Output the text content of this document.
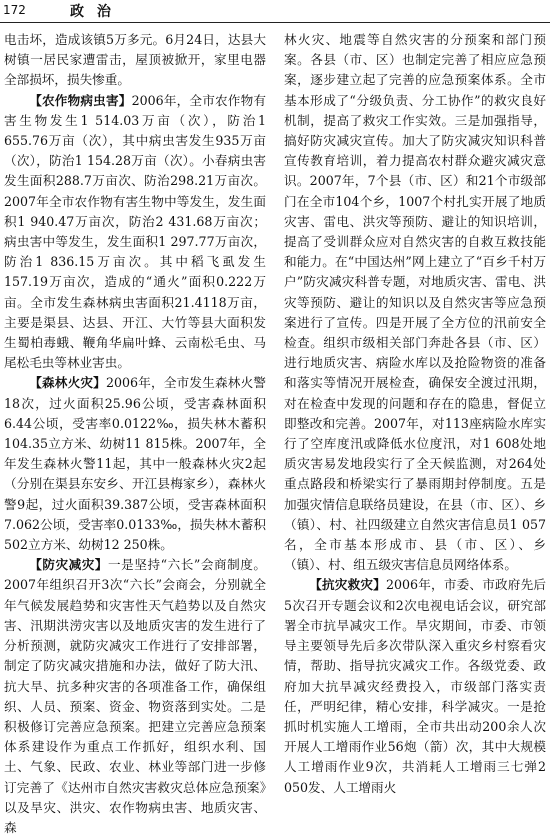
172	政 治

电击坏，造成该镇5万多元。6月24日，达县大树镇一居民家遭雷击，屋顶被掀开，家里电器全部损坏，损失惨重。

【农作物病虫害】2006年，全市农作物有害生物发生1 514.03万亩（次），防治1 655.76万亩（次），其中病虫害发生935万亩（次），防治1 154.28万亩（次）。小春病虫害发生面积288.7万亩次、防治298.21万亩次。2007年全市农作物有害生物中等发生，发生面积1 940.47万亩次，防治2 431.68万亩次；病虫害中等发生，发生面积1 297.77万亩次，防治1 836.15万亩次。其中稻飞虱发生157.19万亩次，造成的“通火”面积0.222万亩。全市发生森林病虫害面积21.4118万亩，主要是渠县、达县、开江、大竹等县大面积发生蜀柏毒蛾、鞭角华扁叶蜂、云南松毛虫、马尾松毛虫等林业害虫。

【森林火灾】2006年，全市发生森林火警18次，过火面积25.96公顷，受害森林面积6.44公顷，受害率0.0122‰，损失林木蓄积104.35立方米、幼树11 815株。2007年，全年发生森林火警11起，其中一般森林火灾2起（分别在渠县东安乡、开江县梅家乡），森林火警9起，过火面积39.387公顷，受害森林面积7.062公顷，受害率0.0133‰，损失林木蓄积502立方米、幼树12 250株。

【防灾减灾】一是坚持“六长”会商制度。2007年组织召开3次“六长”会商会，分别就全年气候发展趋势和灾害性天气趋势以及自然灾害、汛期洪涝灾害以及地质灾害的发生进行了分析预测，就防灾减灾工作进行了安排部署，制定了防灾减灾措施和办法，做好了防大汛、抗大旱、抗多种灾害的各项准备工作，确保组织、人员、预案、资金、物资落到实处。二是积极修订完善应急预案。把建立完善应急预案体系建设作为重点工作抓好，组织水利、国土、气象、民政、农业、林业等部门进一步修订完善了《达州市自然灾害救灾总体应急预案》以及旱灾、洪灾、农作物病虫害、地质灾害、森

林火灾、地震等自然灾害的分预案和部门预案。各县（市、区）也制定完善了相应应急预案，逐步建立起了完善的应急预案体系。全市基本形成了“分级负责、分工协作”的救灾良好机制，提高了救灾工作实效。三是加强指导，搞好防灾减灾宣传。加大了防灾减灾知识科普宣传教育培训，着力提高农村群众避灾减灾意识。2007年，7个县（市、区）和21个市级部门在全市104个乡，1007个村扎实开展了地质灾害、雷电、洪灾等预防、避让的知识培训，提高了受训群众应对自然灾害的自救互救技能和能力。在“中国达州”网上建立了“百乡千村万户”防灾减灾科普专题，对地质灾害、雷电、洪灾等预防、避让的知识以及自然灾害等应急预案进行了宣传。四是开展了全方位的汛前安全检查。组织市级相关部门奔赴各县（市、区）进行地质灾害、病险水库以及抢险物资的准备和落实等情况开展检查，确保安全渡过汛期，对在检查中发现的问题和存在的隐患，督促立即整改和完善。2007年，对113座病险水库实行了空库度汛或降低水位度汛，对1 608处地质灾害易发地段实行了全天候监测，对264处重点路段和桥梁实行了暴雨期封停制度。五是加强灾情信息联络员建设，在县（市、区）、乡（镇）、村、社四级建立自然灾害信息员1 057名，全市基本形成市、县（市、区）、乡（镇）、村、组五级灾害信息员网络体系。

【抗灾救灾】2006年，市委、市政府先后5次召开专题会议和2次电视电话会议，研究部署全市抗旱减灾工作。旱灾期间，市委、市领导主要领导先后多次带队深入重灾乡村察看灾情，帮助、指导抗灾减灾工作。各级党委、政府加大抗旱减灾经费投入，市级部门落实责任，严明纪律，精心安排，科学减灾。一是抢抓时机实施人工增雨，全市共出动200余人次开展人工增雨作业56炮（箭）次，其中大规模人工增雨作业9次，共消耗人工增雨三七弹2 050发、人工增雨火
